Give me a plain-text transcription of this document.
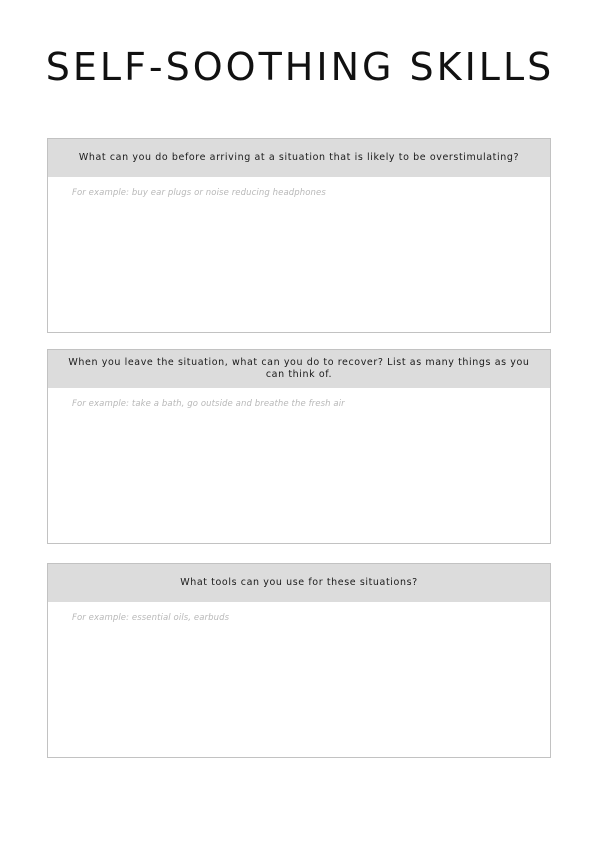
SELF-SOOTHING SKILLS
What can you do before arriving at a situation that is likely to be overstimulating?
For example: buy ear plugs or noise reducing headphones
When you leave the situation, what can you do to recover? List as many things as you can think of.
For example: take a bath, go outside and breathe the fresh air
What tools can you use for these situations?
For example: essential oils, earbuds
